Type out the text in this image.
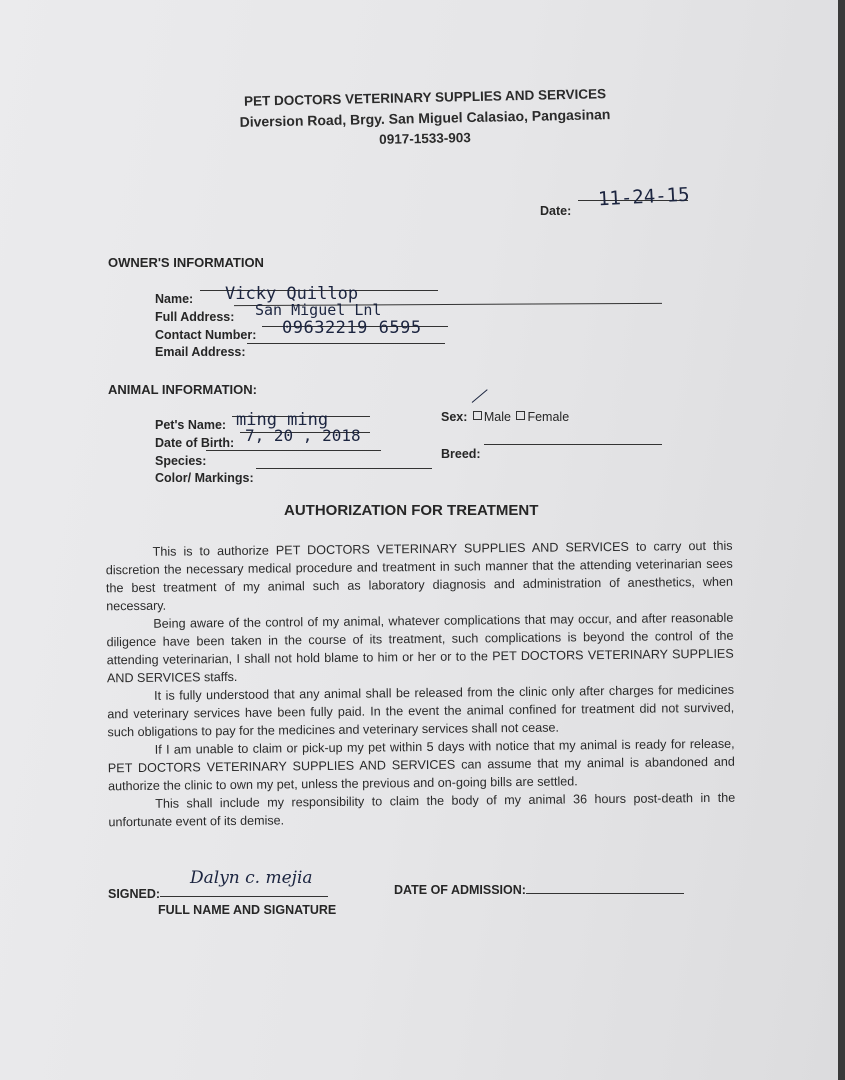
PET DOCTORS VETERINARY SUPPLIES AND SERVICES
Diversion Road, Brgy. San Miguel Calasiao, Pangasinan
0917-1533-903
Date:
11-24-15
OWNER'S INFORMATION
Name: Vicky Quillop
Full Address: San Miguel Lnl
Contact Number: 09632219 6595
Email Address:
ANIMAL INFORMATION:
Pet's Name: ming ming
Date of Birth: 7, 20 , 2018
Species:
Color/ Markings:
Sex: Male Female
Breed:
AUTHORIZATION FOR TREATMENT

This is to authorize PET DOCTORS VETERINARY SUPPLIES AND SERVICES to carry out this discretion the necessary medical procedure and treatment in such manner that the attending veterinarian sees the best treatment of my animal such as laboratory diagnosis and administration of anesthetics, when necessary.

Being aware of the control of my animal, whatever complications that may occur, and after reasonable diligence have been taken in the course of its treatment, such complications is beyond the control of the attending veterinarian, I shall not hold blame to him or her or to the PET DOCTORS VETERINARY SUPPLIES AND SERVICES staffs.

It is fully understood that any animal shall be released from the clinic only after charges for medicines and veterinary services have been fully paid. In the event the animal confined for treatment did not survived, such obligations to pay for the medicines and veterinary services shall not cease.

If I am unable to claim or pick-up my pet within 5 days with notice that my animal is ready for release, PET DOCTORS VETERINARY SUPPLIES AND SERVICES can assume that my animal is abandoned and authorize the clinic to own my pet, unless the previous and on-going bills are settled.

This shall include my responsibility to claim the body of my animal 36 hours post-death in the unfortunate event of its demise.

SIGNED:
Dalyn c. mejia
FULL NAME AND SIGNATURE
DATE OF ADMISSION:
